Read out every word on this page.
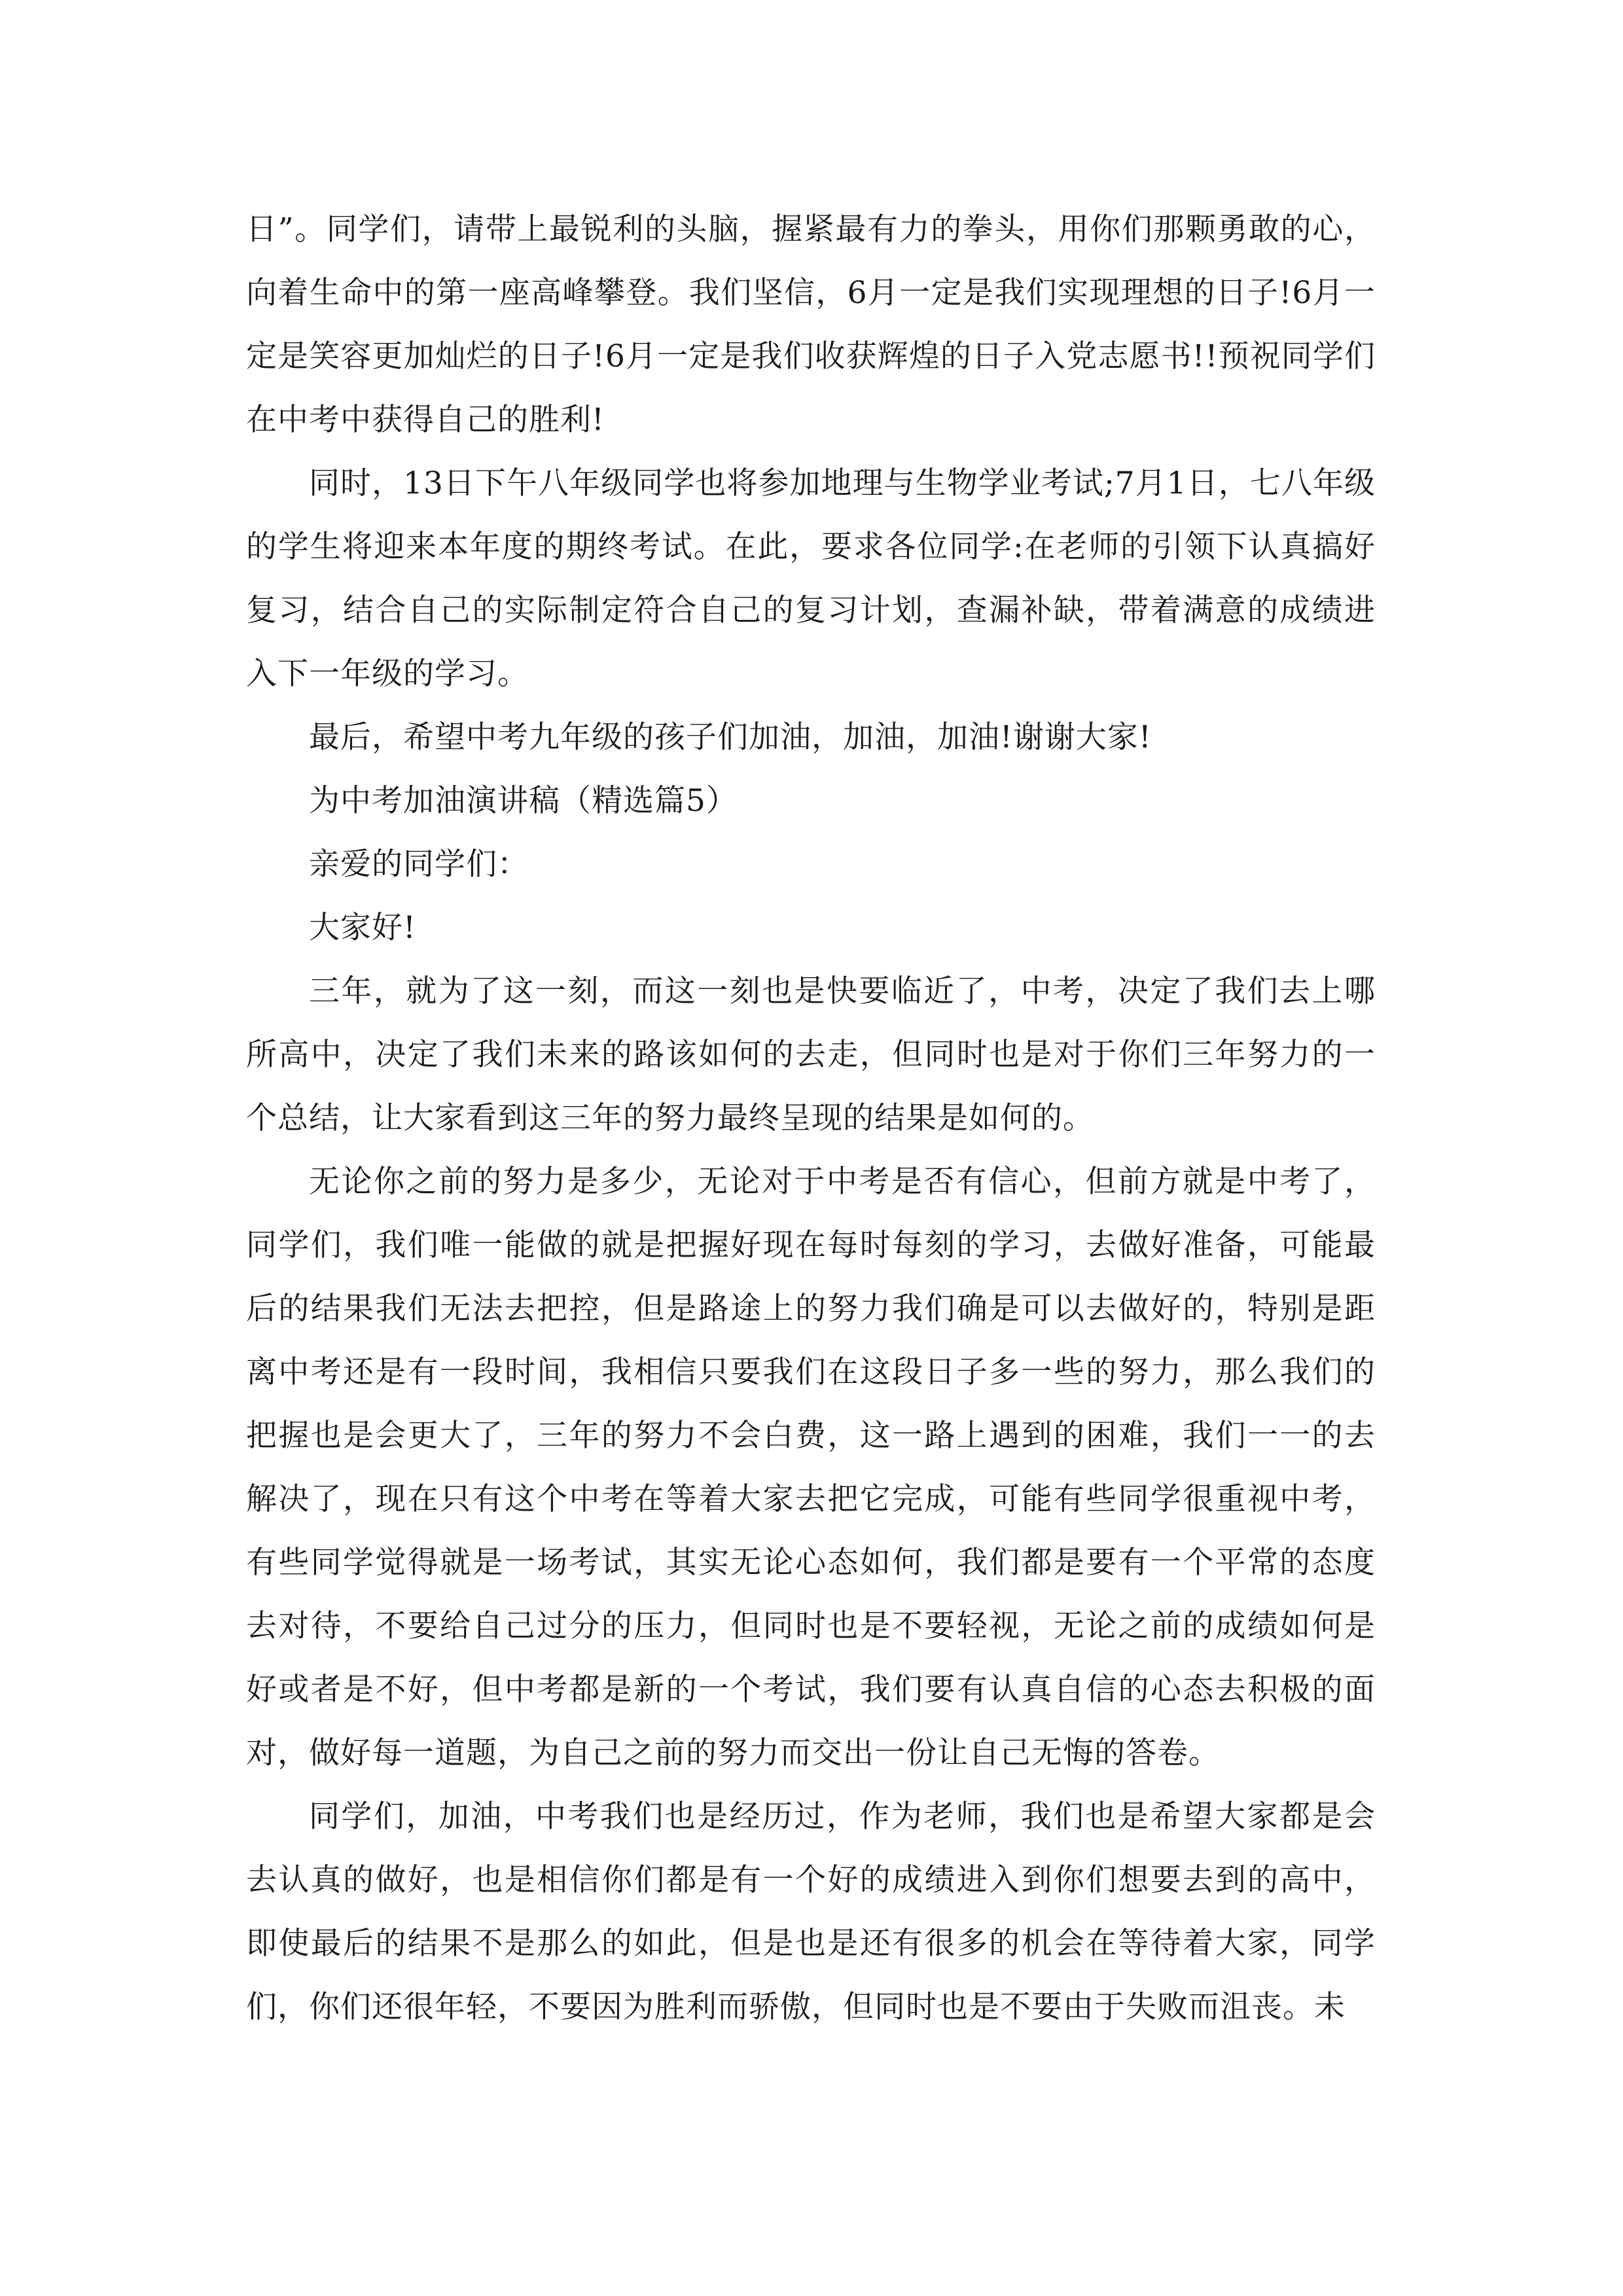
日”。同学们，请带上最锐利的头脑，握紧最有力的拳头，用你们那颗勇敢的心，向着生命中的第一座高峰攀登。我们坚信，6月一定是我们实现理想的日子!6月一定是笑容更加灿烂的日子!6月一定是我们收获辉煌的日子入党志愿书!!预祝同学们在中考中获得自己的胜利!

同时，13日下午八年级同学也将参加地理与生物学业考试;7月1日，七八年级的学生将迎来本年度的期终考试。在此，要求各位同学:在老师的引领下认真搞好复习，结合自己的实际制定符合自己的复习计划，查漏补缺，带着满意的成绩进入下一年级的学习。

最后，希望中考九年级的孩子们加油，加油，加油!谢谢大家!

为中考加油演讲稿（精选篇5）

亲爱的同学们：

大家好!

三年，就为了这一刻，而这一刻也是快要临近了，中考，决定了我们去上哪所高中，决定了我们未来的路该如何的去走，但同时也是对于你们三年努力的一个总结，让大家看到这三年的努力最终呈现的结果是如何的。

无论你之前的努力是多少，无论对于中考是否有信心，但前方就是中考了，同学们，我们唯一能做的就是把握好现在每时每刻的学习，去做好准备，可能最后的结果我们无法去把控，但是路途上的努力我们确是可以去做好的，特别是距离中考还是有一段时间，我相信只要我们在这段日子多一些的努力，那么我们的把握也是会更大了，三年的努力不会白费，这一路上遇到的困难，我们一一的去解决了，现在只有这个中考在等着大家去把它完成，可能有些同学很重视中考，有些同学觉得就是一场考试，其实无论心态如何，我们都是要有一个平常的态度去对待，不要给自己过分的压力，但同时也是不要轻视，无论之前的成绩如何是好或者是不好，但中考都是新的一个考试，我们要有认真自信的心态去积极的面对，做好每一道题，为自己之前的努力而交出一份让自己无悔的答卷。

同学们，加油，中考我们也是经历过，作为老师，我们也是希望大家都是会去认真的做好，也是相信你们都是有一个好的成绩进入到你们想要去到的高中，即使最后的结果不是那么的如此，但是也是还有很多的机会在等待着大家，同学们，你们还很年轻，不要因为胜利而骄傲，但同时也是不要由于失败而沮丧。未
